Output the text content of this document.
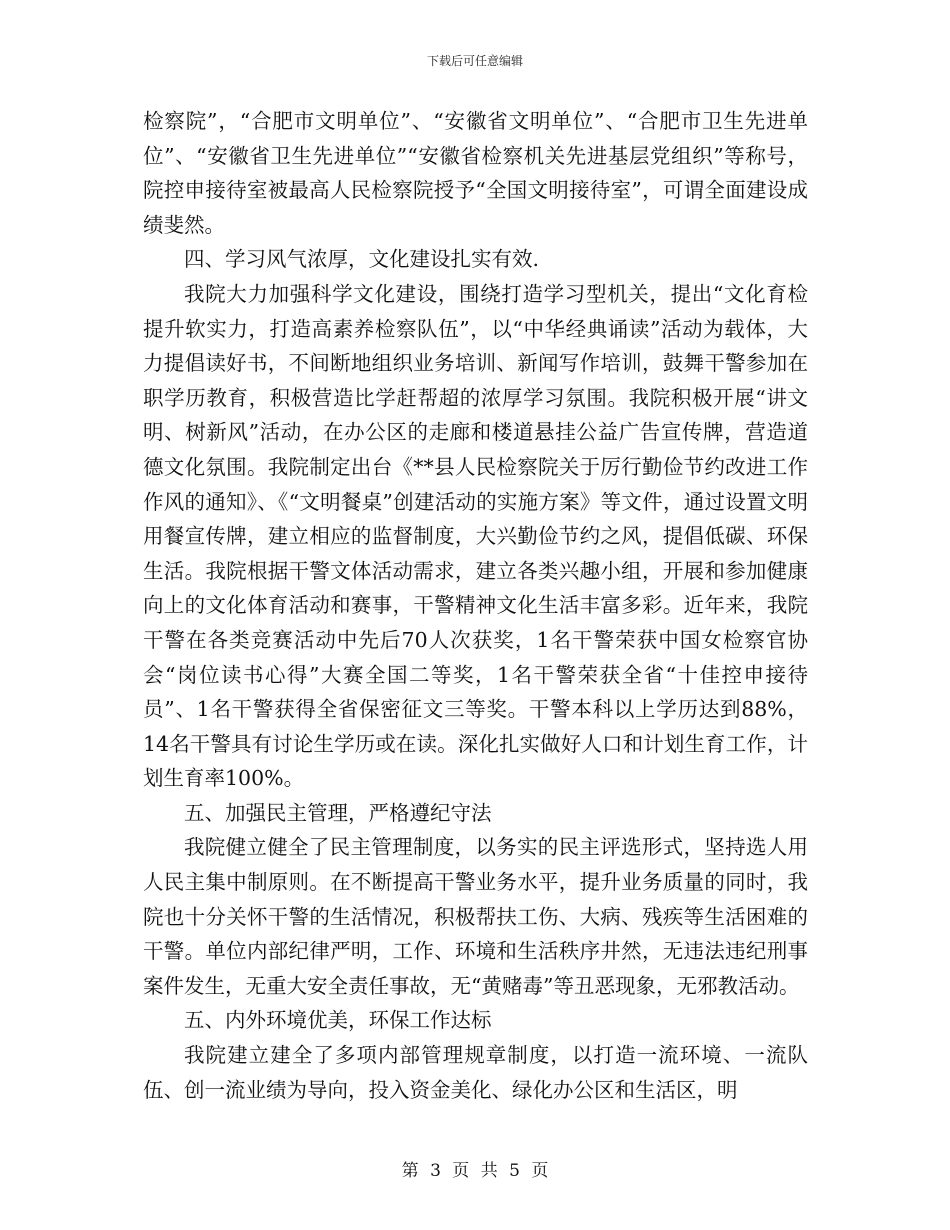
下载后可任意编辑

检察院”，“合肥市文明单位”、“安徽省文明单位”、“合肥市卫生先进单位”、“安徽省卫生先进单位”“安徽省检察机关先进基层党组织”等称号，院控申接待室被最高人民检察院授予“全国文明接待室”，可谓全面建设成绩斐然。

四、学习风气浓厚，文化建设扎实有效.

我院大力加强科学文化建设，围绕打造学习型机关，提出“文化育检提升软实力，打造高素养检察队伍”，以“中华经典诵读”活动为载体，大力提倡读好书，不间断地组织业务培训、新闻写作培训，鼓舞干警参加在职学历教育，积极营造比学赶帮超的浓厚学习氛围。我院积极开展“讲文明、树新风”活动，在办公区的走廊和楼道悬挂公益广告宣传牌，营造道德文化氛围。我院制定出台《**县人民检察院关于厉行勤俭节约改进工作作风的通知》、《“文明餐桌”创建活动的实施方案》等文件，通过设置文明用餐宣传牌，建立相应的监督制度，大兴勤俭节约之风，提倡低碳、环保生活。我院根据干警文体活动需求，建立各类兴趣小组，开展和参加健康向上的文化体育活动和赛事，干警精神文化生活丰富多彩。近年来，我院干警在各类竞赛活动中先后70人次获奖，1名干警荣获中国女检察官协会“岗位读书心得”大赛全国二等奖，1名干警荣获全省“十佳控申接待员”、1名干警获得全省保密征文三等奖。干警本科以上学历达到88%，14名干警具有讨论生学历或在读。深化扎实做好人口和计划生育工作，计划生育率100%。

五、加强民主管理，严格遵纪守法

我院健立健全了民主管理制度，以务实的民主评选形式，坚持选人用人民主集中制原则。在不断提高干警业务水平，提升业务质量的同时，我院也十分关怀干警的生活情况，积极帮扶工伤、大病、残疾等生活困难的干警。单位内部纪律严明，工作、环境和生活秩序井然，无违法违纪刑事案件发生，无重大安全责任事故，无“黄赌毒”等丑恶现象，无邪教活动。

五、内外环境优美，环保工作达标

我院建立建全了多项内部管理规章制度，以打造一流环境、一流队伍、创一流业绩为导向，投入资金美化、绿化办公区和生活区，明

第 3 页 共 5 页
